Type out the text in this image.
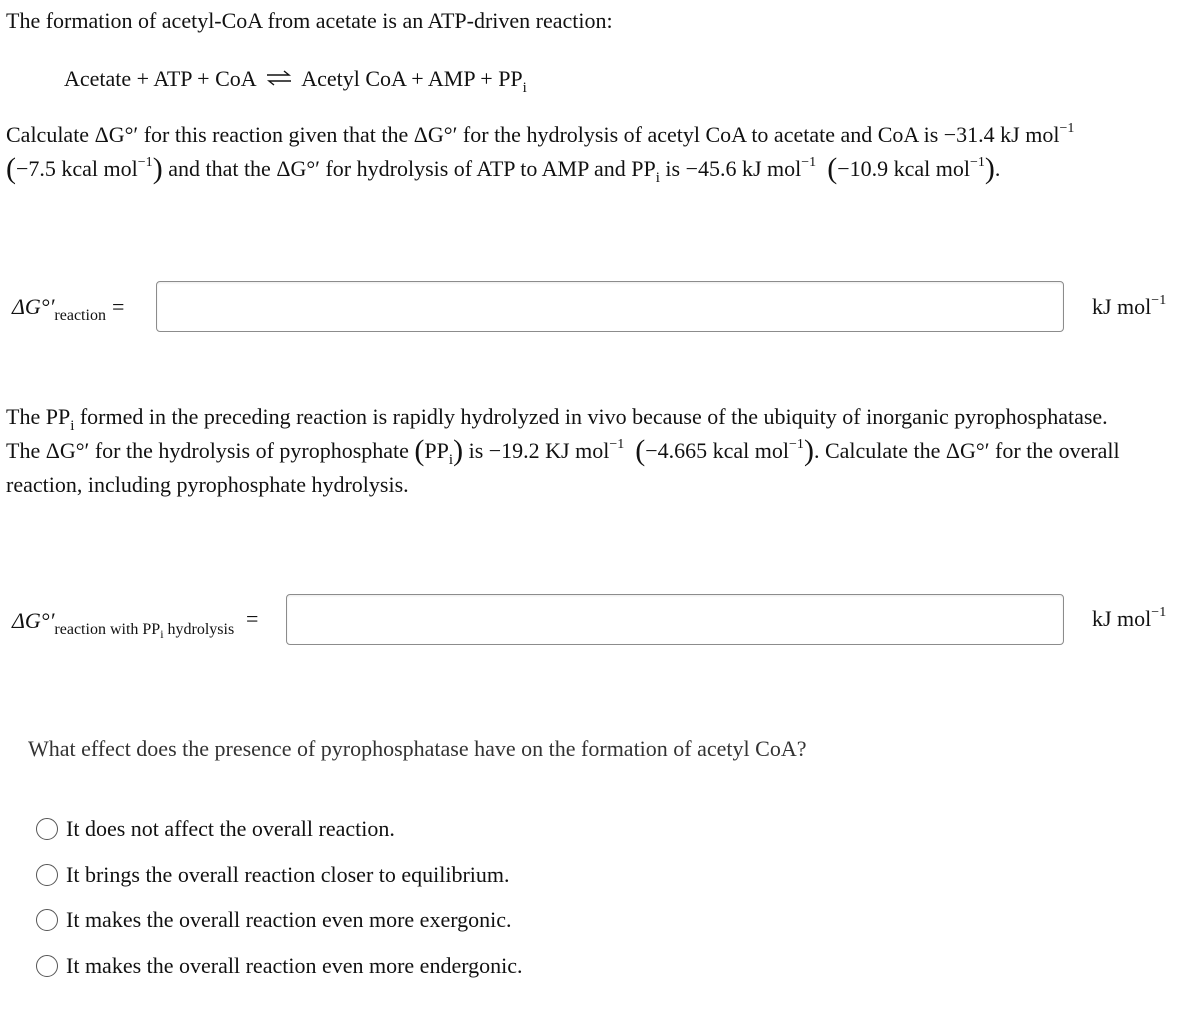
The formation of acetyl-CoA from acetate is an ATP-driven reaction:
Acetate + ATP + CoA ⇌ Acetyl CoA + AMP + $PP_i$
Calculate ΔG°′ for this reaction given that the ΔG°′ for the hydrolysis of acetyl CoA to acetate and CoA is −31.4 kJ mol$^{-1}$
(−7.5 kcal mol$^{-1}$) and that the ΔG°′ for hydrolysis of ATP to AMP and $PP_i$ is −45.6 kJ mol$^{-1}$ (−10.9 kcal mol$^{-1}$).
$\Delta G^\circ'_{reaction}$ =	kJ mol$^{-1}$
The $PP_i$ formed in the preceding reaction is rapidly hydrolyzed in vivo because of the ubiquity of inorganic pyrophosphatase.
The ΔG°′ for the hydrolysis of pyrophosphate $(PP_i)$ is −19.2 KJ mol$^{-1}$ (−4.665 kcal mol$^{-1}$). Calculate the ΔG°′ for the overall
reaction, including pyrophosphate hydrolysis.
$\Delta G^\circ'_{reaction with PP_i hydrolysis}$ =	kJ mol$^{-1}$
What effect does the presence of pyrophosphatase have on the formation of acetyl CoA?
It does not affect the overall reaction.
It brings the overall reaction closer to equilibrium.
It makes the overall reaction even more exergonic.
It makes the overall reaction even more endergonic.
